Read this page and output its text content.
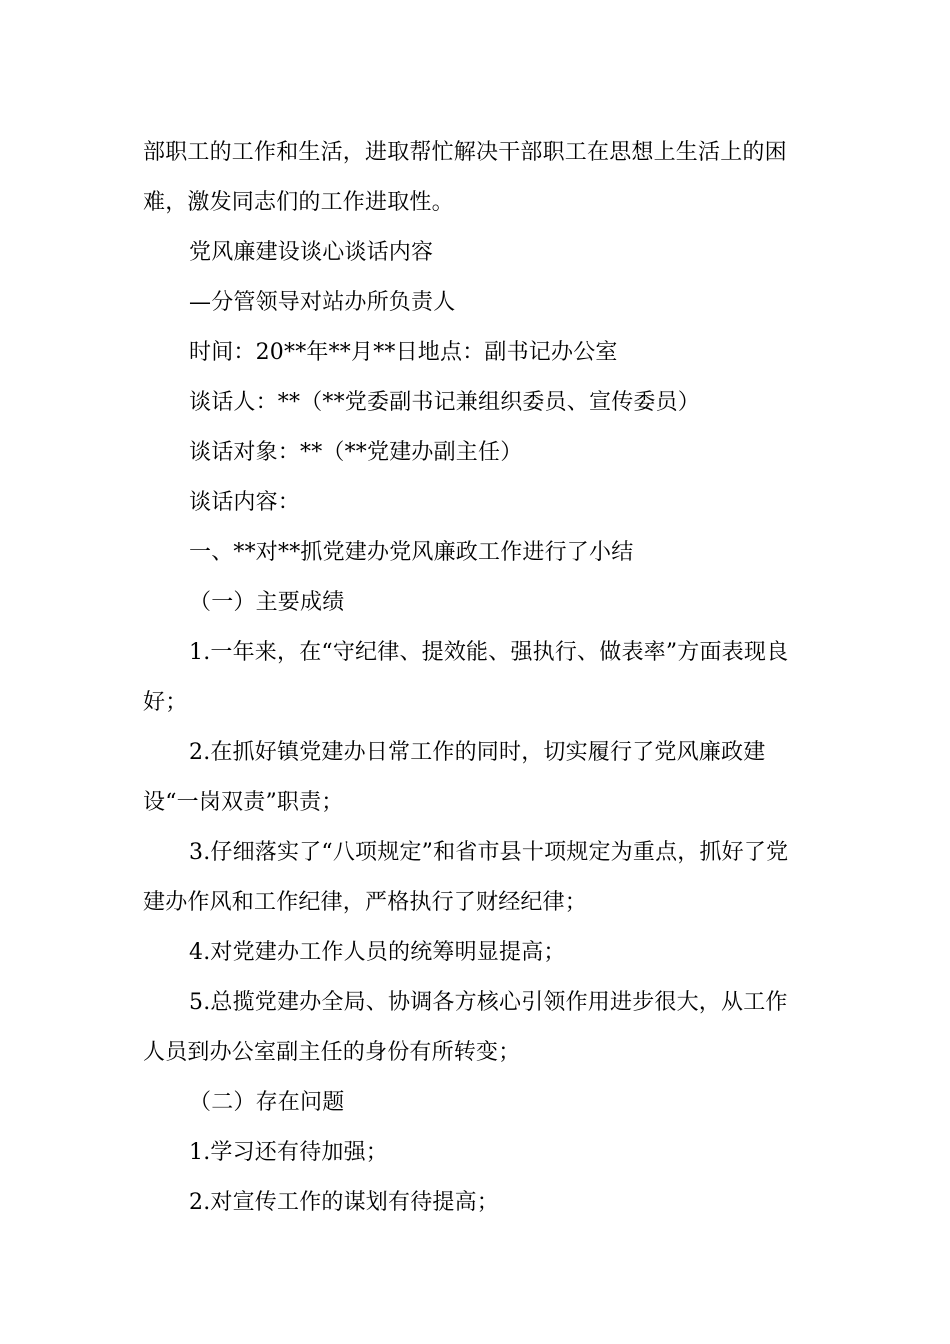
部职工的工作和生活，进取帮忙解决干部职工在思想上生活上的困难，激发同志们的工作进取性。

党风廉建设谈心谈话内容

—分管领导对站办所负责人

时间：20**年**月**日地点：副书记办公室

谈话人：**（**党委副书记兼组织委员、宣传委员）

谈话对象：**（**党建办副主任）

谈话内容：

一、**对**抓党建办党风廉政工作进行了小结

（一）主要成绩

1.一年来，在“守纪律、提效能、强执行、做表率”方面表现良好；

2.在抓好镇党建办日常工作的同时，切实履行了党风廉政建设“一岗双责”职责；

3.仔细落实了“八项规定”和省市县十项规定为重点，抓好了党建办作风和工作纪律，严格执行了财经纪律；

4.对党建办工作人员的统筹明显提高；

5.总揽党建办全局、协调各方核心引领作用进步很大，从工作人员到办公室副主任的身份有所转变；

（二）存在问题

1.学习还有待加强；

2.对宣传工作的谋划有待提高；
